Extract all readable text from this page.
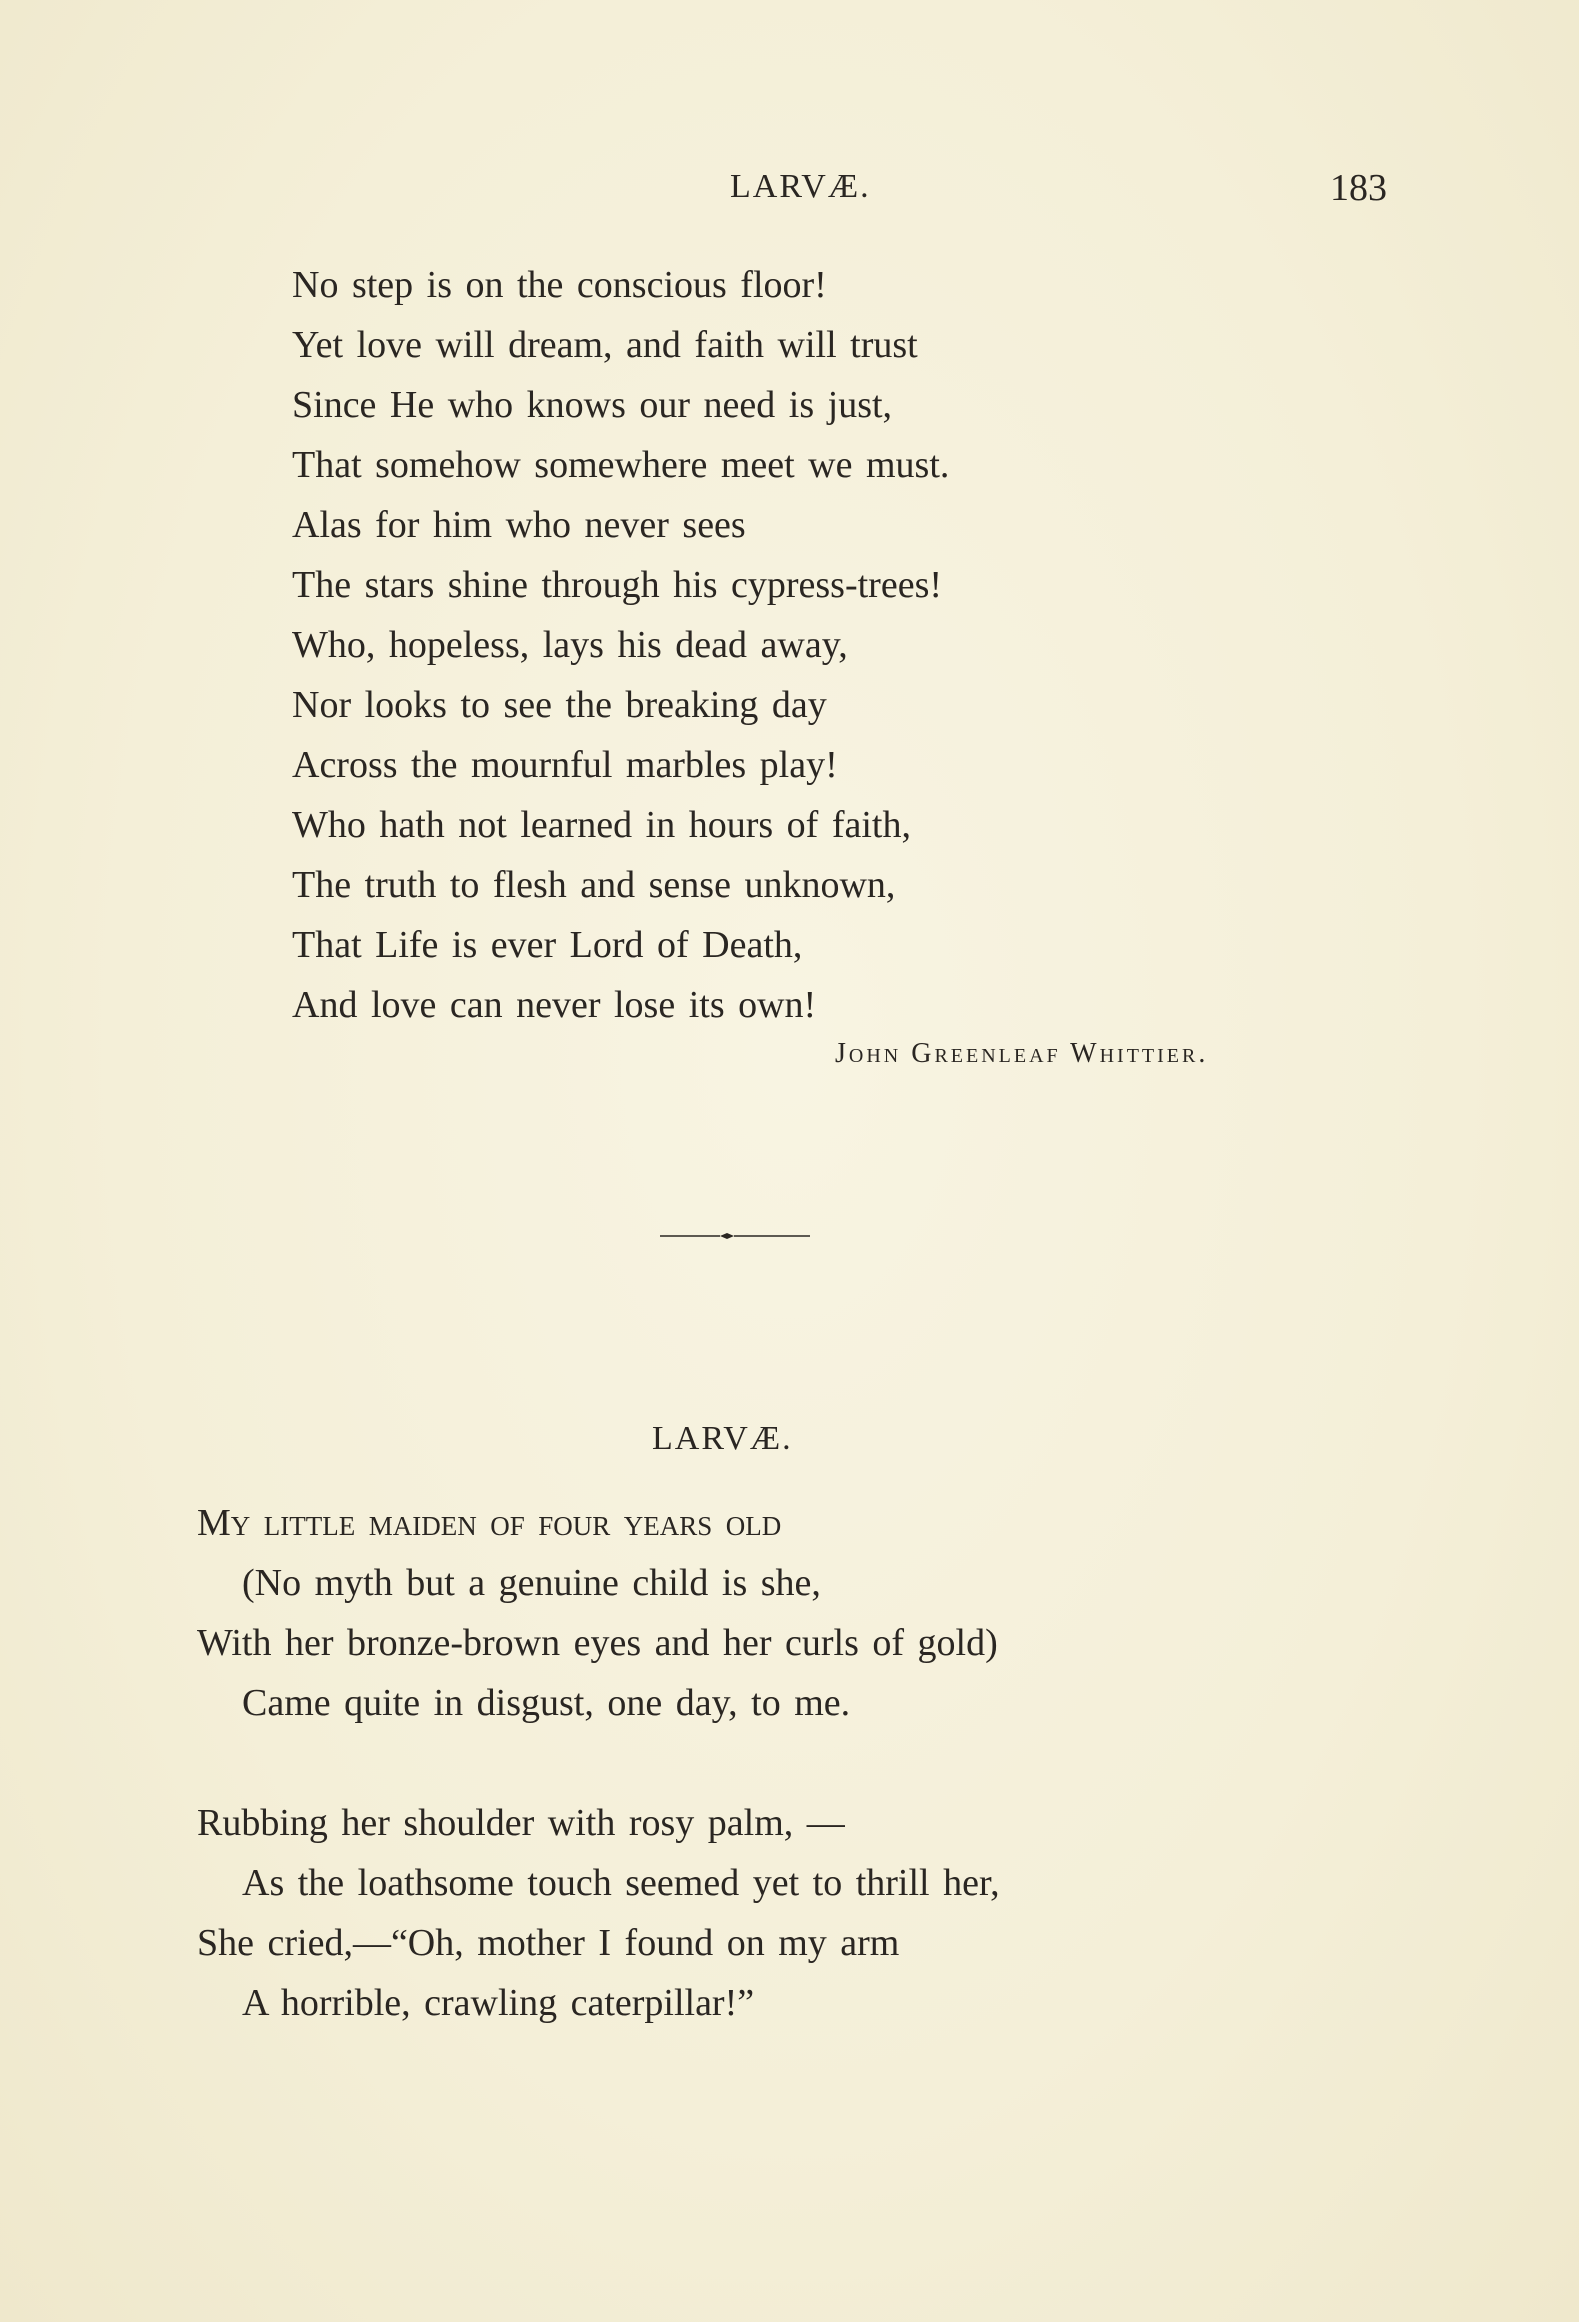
LARVÆ.	183
No step is on the conscious floor!
Yet love will dream, and faith will trust
Since He who knows our need is just,
That somehow somewhere meet we must.
Alas for him who never sees
The stars shine through his cypress-trees!
Who, hopeless, lays his dead away,
Nor looks to see the breaking day
Across the mournful marbles play!
Who hath not learned in hours of faith,
The truth to flesh and sense unknown,
That Life is ever Lord of Death,
And love can never lose its own!
John Greenleaf Whittier.
LARVÆ.
My little maiden of four years old
(No myth but a genuine child is she,
With her bronze-brown eyes and her curls of gold)
Came quite in disgust, one day, to me.
Rubbing her shoulder with rosy palm, —
As the loathsome touch seemed yet to thrill her,
She cried,—“Oh, mother I found on my arm
A horrible, crawling caterpillar!”
